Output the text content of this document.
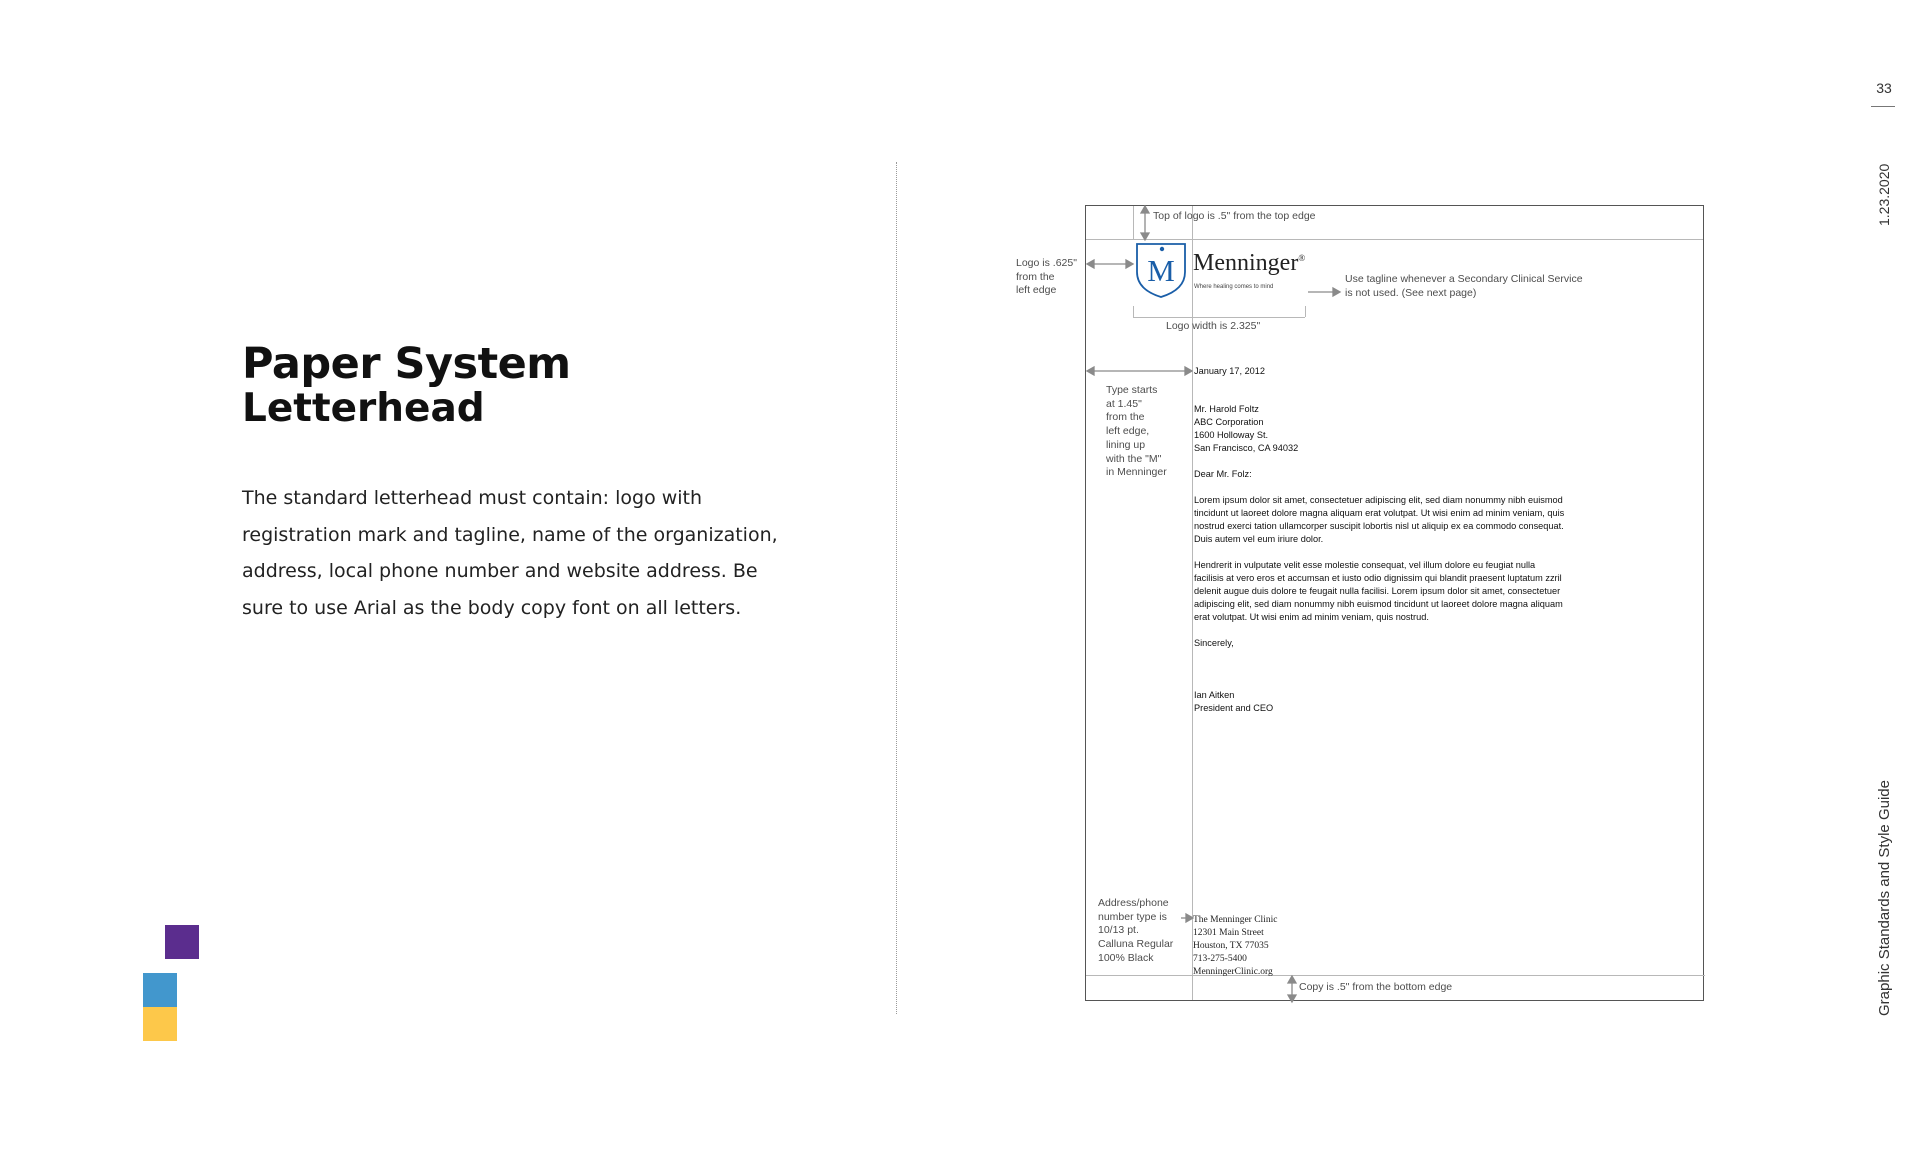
Paper System
Letterhead

The standard letterhead must contain: logo with registration mark and tagline, name of the organization, address, local phone number and website address. Be sure to use Arial as the body copy font on all letters.

33
1.23.2020
Graphic Standards and Style Guide
Top of logo is .5" from the top edge
Logo is .625"
from the
left edge
Use tagline whenever a Secondary Clinical Service
is not used. (See next page)
Logo width is 2.325"
Type starts
at 1.45"
from the
left edge,
lining up
with the "M"
in Menninger
Address/phone
number type is
10/13 pt.
Calluna Regular
100% Black
Copy is .5" from the bottom edge
M Menninger®
Where healing comes to mind
January 17, 2012

Mr. Harold Foltz

ABC Corporation

1600 Holloway St.

San Francisco, CA 94032

Dear Mr. Folz:

Lorem ipsum dolor sit amet, consectetuer adipiscing elit, sed diam nonummy nibh euismod

tincidunt ut laoreet dolore magna aliquam erat volutpat. Ut wisi enim ad minim veniam, quis

nostrud exerci tation ullamcorper suscipit lobortis nisl ut aliquip ex ea commodo consequat.

Duis autem vel eum iriure dolor.

Hendrerit in vulputate velit esse molestie consequat, vel illum dolore eu feugiat nulla

facilisis at vero eros et accumsan et iusto odio dignissim qui blandit praesent luptatum zzril

delenit augue duis dolore te feugait nulla facilisi. Lorem ipsum dolor sit amet, consectetuer

adipiscing elit, sed diam nonummy nibh euismod tincidunt ut laoreet dolore magna aliquam

erat volutpat. Ut wisi enim ad minim veniam, quis nostrud.

Sincerely,

Ian Aitken

President and CEO

The Menninger Clinic
12301 Main Street
Houston, TX 77035
713-275-5400
MenningerClinic.org
